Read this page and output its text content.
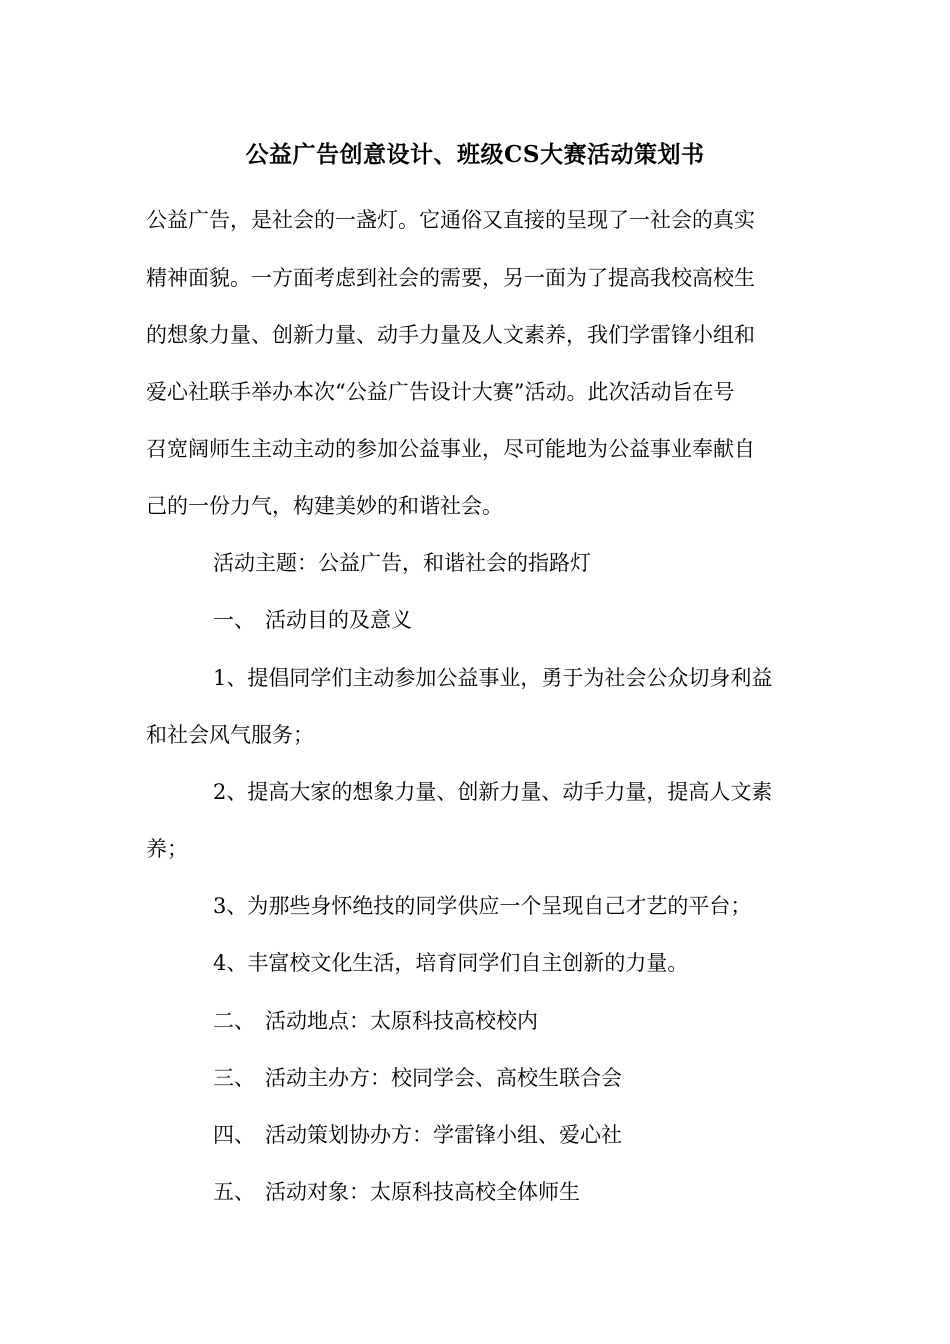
公益广告创意设计、班级CS大赛活动策划书
公益广告，是社会的一盏灯。它通俗又直接的呈现了一社会的真实
精神面貌。一方面考虑到社会的需要，另一面为了提高我校高校生
的想象力量、创新力量、动手力量及人文素养，我们学雷锋小组和
爱心社联手举办本次“公益广告设计大赛”活动。此次活动旨在号
召宽阔师生主动主动的参加公益事业，尽可能地为公益事业奉献自
己的一份力气，构建美妙的和谐社会。
活动主题：公益广告，和谐社会的指路灯
一、 活动目的及意义
1、提倡同学们主动参加公益事业，勇于为社会公众切身利益
和社会风气服务；
2、提高大家的想象力量、创新力量、动手力量，提高人文素
养；
3、为那些身怀绝技的同学供应一个呈现自己才艺的平台；
4、丰富校文化生活，培育同学们自主创新的力量。
二、 活动地点：太原科技高校校内
三、 活动主办方：校同学会、高校生联合会
四、 活动策划协办方：学雷锋小组、爱心社
五、 活动对象：太原科技高校全体师生
